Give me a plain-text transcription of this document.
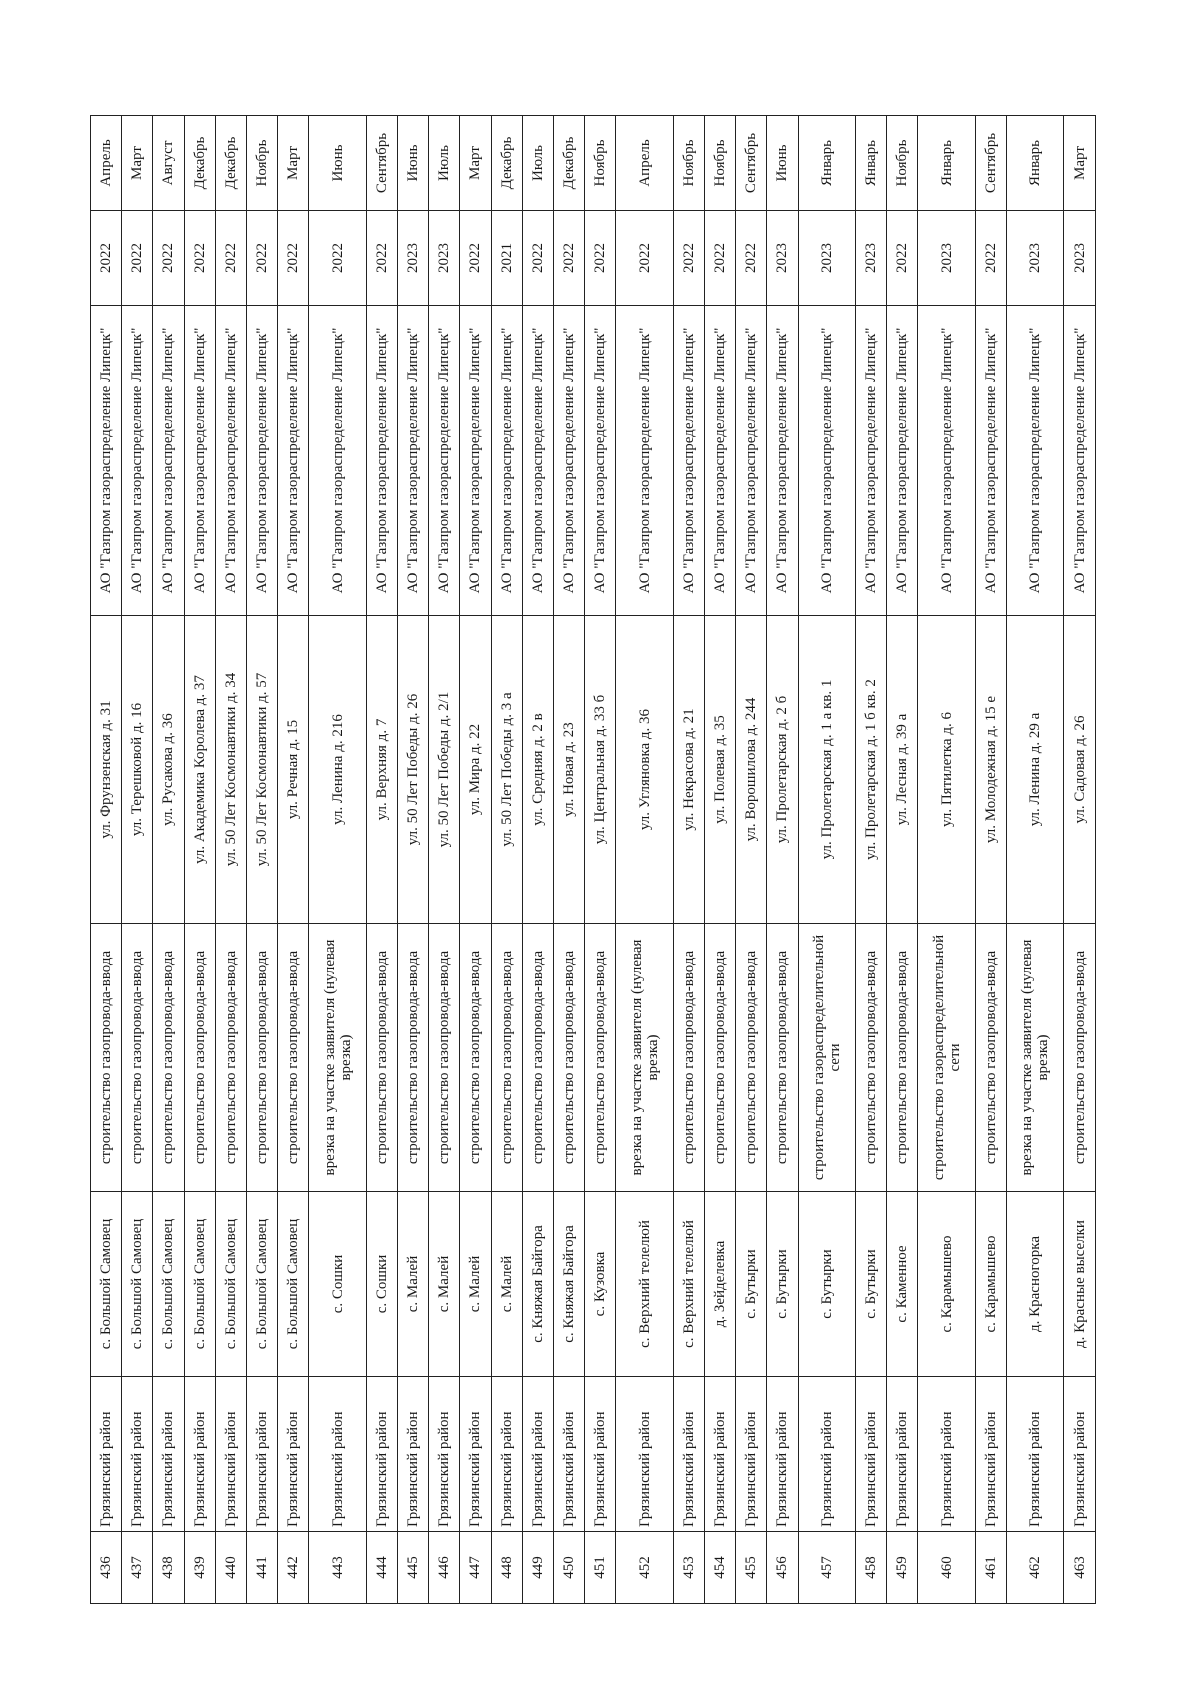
436	Грязинский район	с. Большой Самовец	строительство газопровода-ввода	ул. Фрунзенская д. 31	АО "Газпром газораспределение Липецк"	2022	Апрель
437	Грязинский район	с. Большой Самовец	строительство газопровода-ввода	ул. Терешковой д. 16	АО "Газпром газораспределение Липецк"	2022	Март
438	Грязинский район	с. Большой Самовец	строительство газопровода-ввода	ул. Русакова д. 36	АО "Газпром газораспределение Липецк"	2022	Август
439	Грязинский район	с. Большой Самовец	строительство газопровода-ввода	ул. Академика Королева д. 37	АО "Газпром газораспределение Липецк"	2022	Декабрь
440	Грязинский район	с. Большой Самовец	строительство газопровода-ввода	ул. 50 Лет Космонавтики д. 34	АО "Газпром газораспределение Липецк"	2022	Декабрь
441	Грязинский район	с. Большой Самовец	строительство газопровода-ввода	ул. 50 Лет Космонавтики д. 57	АО "Газпром газораспределение Липецк"	2022	Ноябрь
442	Грязинский район	с. Большой Самовец	строительство газопровода-ввода	ул. Речная д. 15	АО "Газпром газораспределение Липецк"	2022	Март
443	Грязинский район	с. Сошки	врезка на участке заявителя (нулевая врезка)	ул. Ленина д. 216	АО "Газпром газораспределение Липецк"	2022	Июнь
444	Грязинский район	с. Сошки	строительство газопровода-ввода	ул. Верхняя д. 7	АО "Газпром газораспределение Липецк"	2022	Сентябрь
445	Грязинский район	с. Малей	строительство газопровода-ввода	ул. 50 Лет Победы д. 26	АО "Газпром газораспределение Липецк"	2023	Июнь
446	Грязинский район	с. Малей	строительство газопровода-ввода	ул. 50 Лет Победы д. 2/1	АО "Газпром газораспределение Липецк"	2023	Июль
447	Грязинский район	с. Малей	строительство газопровода-ввода	ул. Мира д. 22	АО "Газпром газораспределение Липецк"	2022	Март
448	Грязинский район	с. Малей	строительство газопровода-ввода	ул. 50 Лет Победы д. 3 а	АО "Газпром газораспределение Липецк"	2021	Декабрь
449	Грязинский район	с. Княжая Байгора	строительство газопровода-ввода	ул. Средняя д. 2 в	АО "Газпром газораспределение Липецк"	2022	Июль
450	Грязинский район	с. Княжая Байгора	строительство газопровода-ввода	ул. Новая д. 23	АО "Газпром газораспределение Липецк"	2022	Декабрь
451	Грязинский район	с. Кузовка	строительство газопровода-ввода	ул. Центральная д. 33 б	АО "Газпром газораспределение Липецк"	2022	Ноябрь
452	Грязинский район	с. Верхний телелюй	врезка на участке заявителя (нулевая врезка)	ул. Угляновка д. 36	АО "Газпром газораспределение Липецк"	2022	Апрель
453	Грязинский район	с. Верхний телелюй	строительство газопровода-ввода	ул. Некрасова д. 21	АО "Газпром газораспределение Липецк"	2022	Ноябрь
454	Грязинский район	д. Зейделевка	строительство газопровода-ввода	ул. Полевая д. 35	АО "Газпром газораспределение Липецк"	2022	Ноябрь
455	Грязинский район	с. Бутырки	строительство газопровода-ввода	ул. Ворошилова д. 244	АО "Газпром газораспределение Липецк"	2022	Сентябрь
456	Грязинский район	с. Бутырки	строительство газопровода-ввода	ул. Пролетарская д. 2 б	АО "Газпром газораспределение Липецк"	2023	Июнь
457	Грязинский район	с. Бутырки	строительство газораспределительной сети	ул. Пролетарская д. 1 а кв. 1	АО "Газпром газораспределение Липецк"	2023	Январь
458	Грязинский район	с. Бутырки	строительство газопровода-ввода	ул. Пролетарская д. 1 б кв. 2	АО "Газпром газораспределение Липецк"	2023	Январь
459	Грязинский район	с. Каменное	строительство газопровода-ввода	ул. Лесная д. 39 а	АО "Газпром газораспределение Липецк"	2022	Ноябрь
460	Грязинский район	с. Карамышево	строительство газораспределительной сети	ул. Пятилетка д. 6	АО "Газпром газораспределение Липецк"	2023	Январь
461	Грязинский район	с. Карамышево	строительство газопровода-ввода	ул. Молодежная д. 15 е	АО "Газпром газораспределение Липецк"	2022	Сентябрь
462	Грязинский район	д. Красногорка	врезка на участке заявителя (нулевая врезка)	ул. Ленина д. 29 а	АО "Газпром газораспределение Липецк"	2023	Январь
463	Грязинский район	д. Красные выселки	строительство газопровода-ввода	ул. Садовая д. 26	АО "Газпром газораспределение Липецк"	2023	Март
